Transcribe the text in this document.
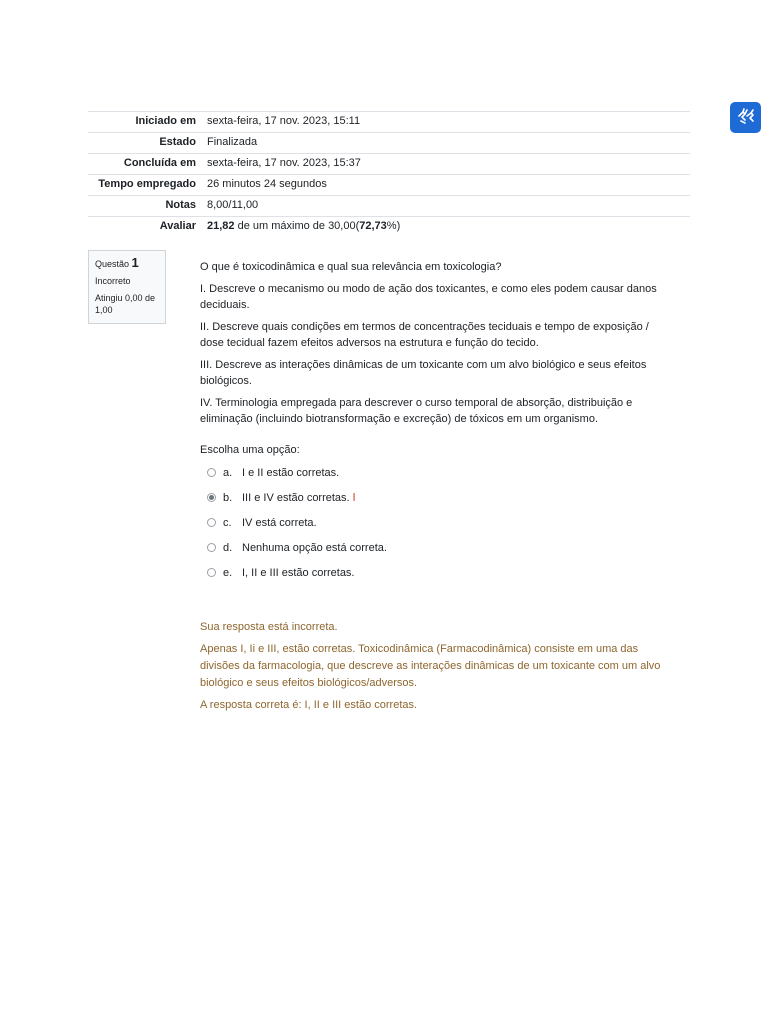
Iniciado em	sexta-feira, 17 nov. 2023, 15:11
Estado	Finalizada
Concluída em	sexta-feira, 17 nov. 2023, 15:37
Tempo empregado	26 minutos 24 segundos
Notas	8,00/11,00
Avaliar	21,82 de um máximo de 30,00(72,73%)
Questão 1
Incorreto
Atingiu 0,00 de 1,00

O que é toxicodinâmica e qual sua relevância em toxicologia?

I. Descreve o mecanismo ou modo de ação dos toxicantes, e como eles podem causar danos deciduais.

II. Descreve quais condições em termos de concentrações teciduais e tempo de exposição / dose tecidual fazem efeitos adversos na estrutura e função do tecido.

III. Descreve as interações dinâmicas de um toxicante com um alvo biológico e seus efeitos biológicos.

IV. Terminologia empregada para descrever o curso temporal de absorção, distribuição e eliminação (incluindo biotransformação e excreção) de tóxicos em um organismo.

Escolha uma opção:
a. I e II estão corretas.
b. III e IV estão corretas. ǀ
c. IV está correta.
d. Nenhuma opção está correta.
e. I, II e III estão corretas.

Sua resposta está incorreta.

Apenas I, Ii e III, estão corretas. Toxicodinâmica (Farmacodinâmica) consiste em uma das divisões da farmacologia, que descreve as interações dinâmicas de um toxicante com um alvo biológico e seus efeitos biológicos/adversos.

A resposta correta é: I, II e III estão corretas.
